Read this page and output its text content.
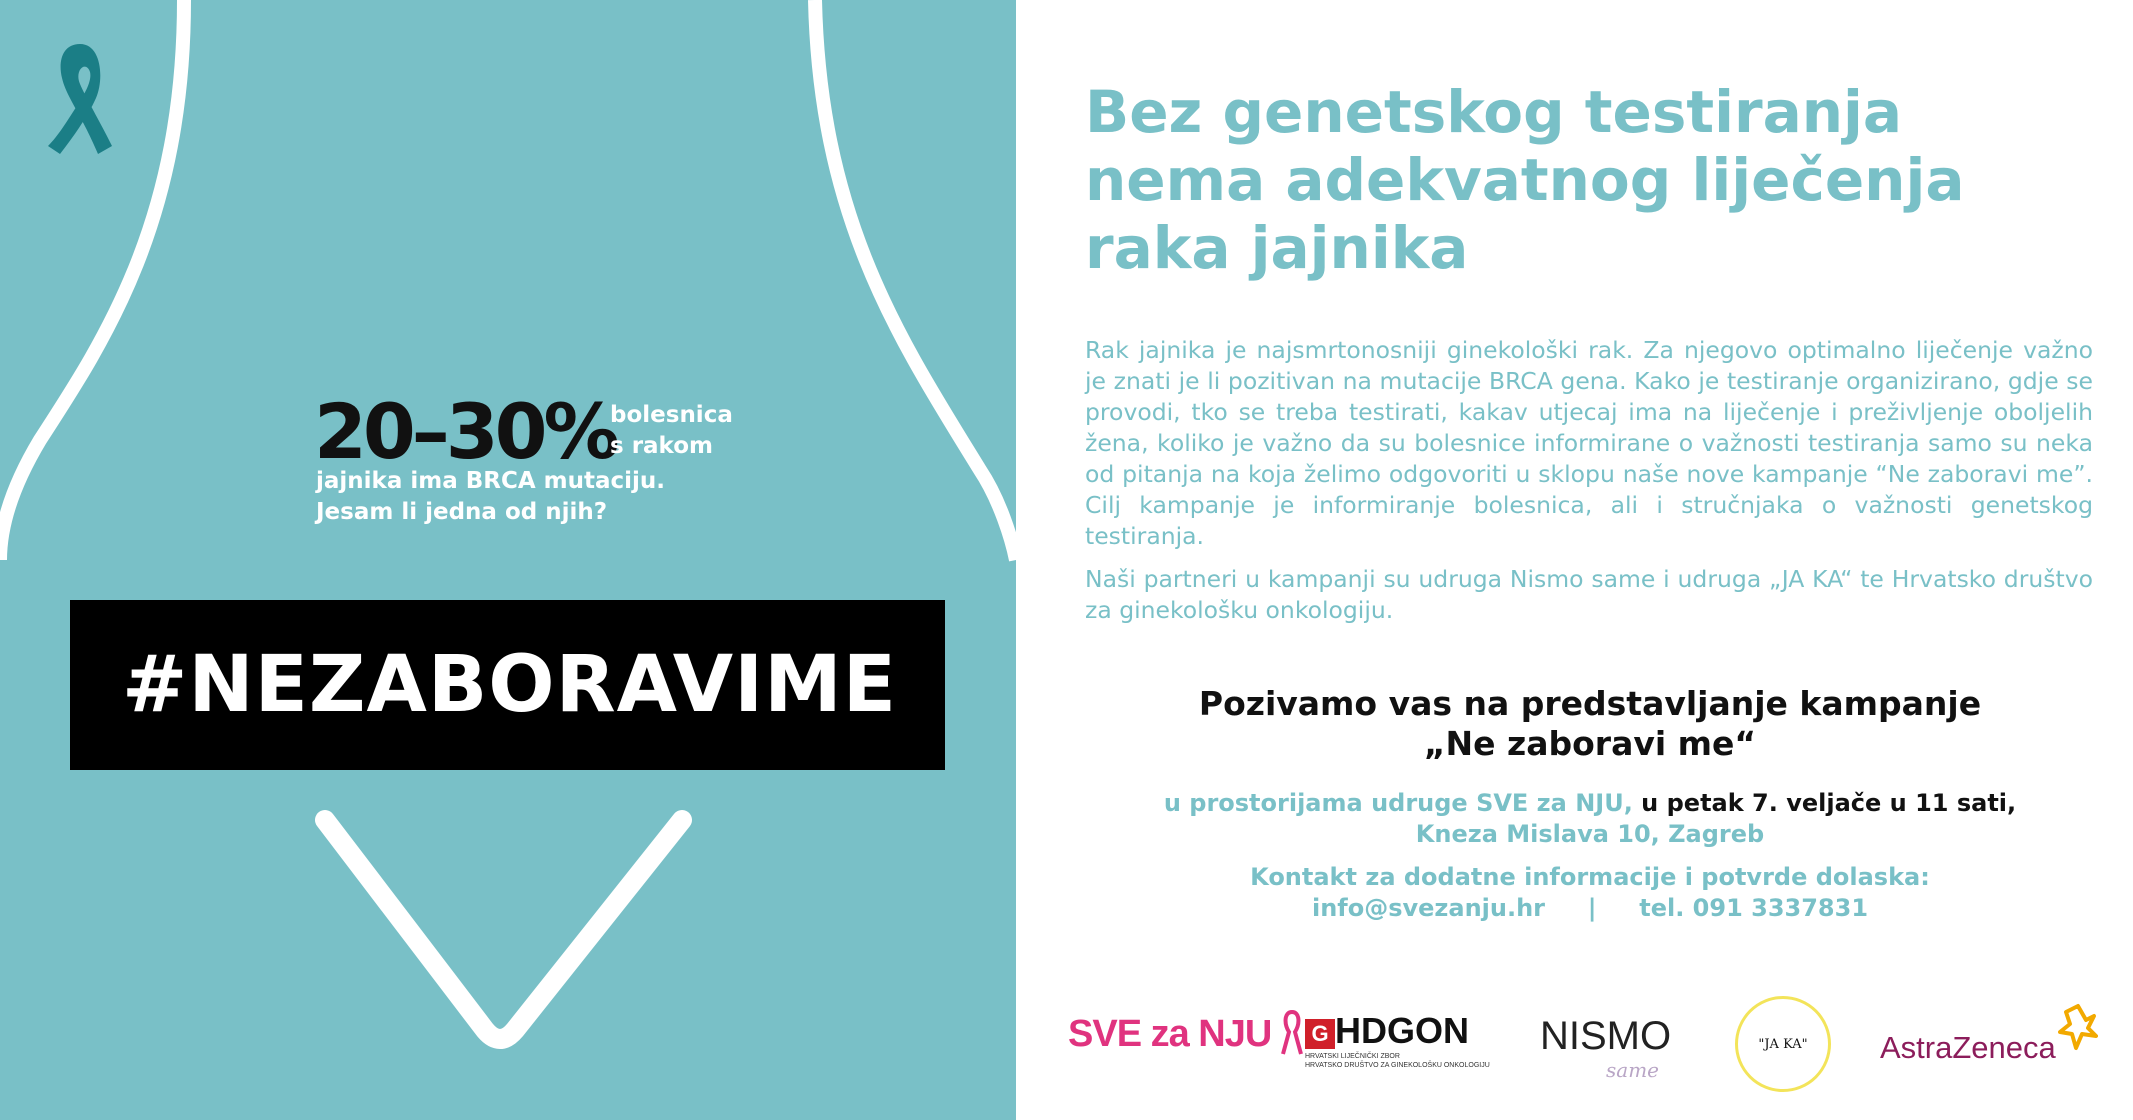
20–30%
bolesnica
s rakom
jajnika ima BRCA mutaciju.
Jesam li jedna od njih?
#NEZABORAVIME
Bez genetskog testiranja
nema adekvatnog liječenja
raka jajnika

Rak jajnika je najsmrtonosniji ginekološki rak. Za njegovo optimalno liječenje važno je znati je li pozitivan na mutacije BRCA gena. Kako je testiranje organizirano, gdje se provodi, tko se treba testirati, kakav utjecaj ima na liječenje i preživljenje oboljelih žena, koliko je važno da su bolesnice informirane o važnosti testiranja samo su neka od pitanja na koja želimo odgovoriti u sklopu naše nove kampanje “Ne zaboravi me”. Cilj kampanje je informiranje bolesnica, ali i stručnjaka o važnosti genetskog testiranja.

Naši partneri u kampanji su udruga Nismo same i udruga „JA KA“ te Hrvatsko društvo za ginekološku onkologiju.

Pozivamo vas na predstavljanje kampanje
„Ne zaboravi me“
u prostorijama udruge SVE za NJU, u petak 7. veljače u 11 sati,
Kneza Mislava 10, Zagreb
Kontakt za dodatne informacije i potvrde dolaska:
info@svezanju.hr | tel. 091 3337831
SVE za NJU	G HDGON
HRVATSKI LIJEČNIČKI ZBOR
HRVATSKO DRUŠTVO ZA GINEKOLOŠKU ONKOLOGIJU
NISMO
same
"JA KA" AstraZeneca
